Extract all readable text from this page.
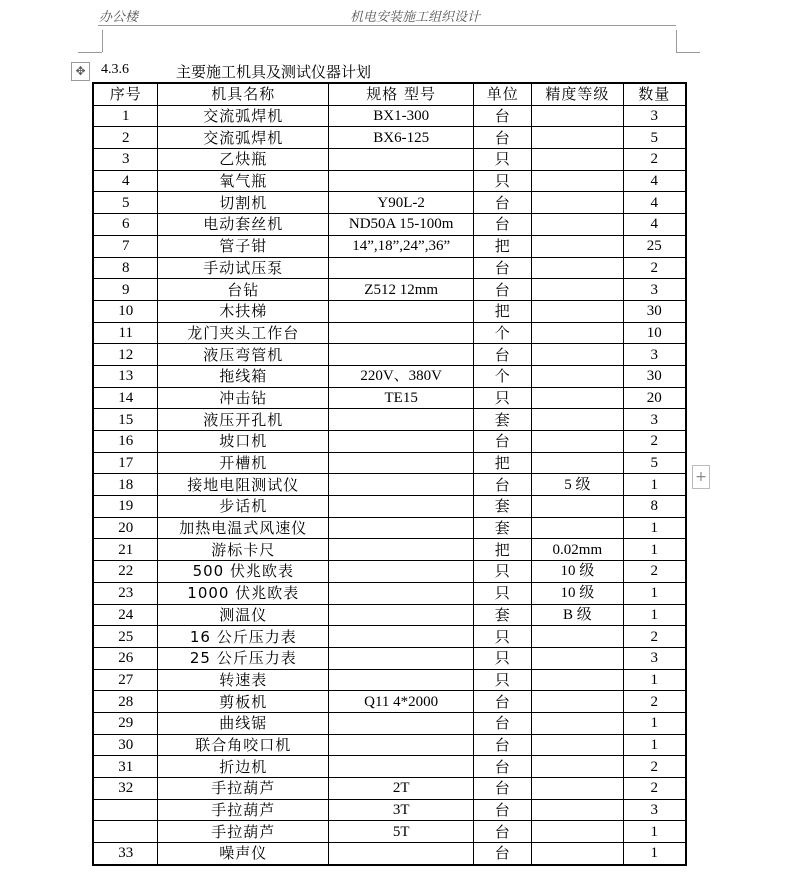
办公楼	机电安装施工组织设计
✥	4.3.6	主要施工机具及测试仪器计划
序号	机具名称	规格 型号	单位	精度等级	数量
1	交流弧焊机	BX1-300	台		3
2	交流弧焊机	BX6-125	台		5
3	乙炔瓶		只		2
4	氧气瓶		只		4
5	切割机	Y90L-2	台		4
6	电动套丝机	ND50A 15-100m	台		4
7	管子钳	14”,18”,24”,36”	把		25
8	手动试压泵		台		2
9	台钻	Z512 12mm	台		3
10	木扶梯		把		30
11	龙门夹头工作台		个		10
12	液压弯管机		台		3
13	拖线箱	220V、380V	个		30
14	冲击钻	TE15	只		20
15	液压开孔机		套		3
16	坡口机		台		2
17	开槽机		把		5
18	接地电阻测试仪		台	5 级	1
19	步话机		套		8
20	加热电温式风速仪		套		1
21	游标卡尺		把	0.02mm	1
22	500 伏兆欧表		只	10 级	2
23	1000 伏兆欧表		只	10 级	1
24	测温仪		套	B 级	1
25	16 公斤压力表		只		2
26	25 公斤压力表		只		3
27	转速表		只		1
28	剪板机	Q11 4*2000	台		2
29	曲线锯		台		1
30	联合角咬口机		台		1
31	折边机		台		2
32	手拉葫芦	2T	台		2
	手拉葫芦	3T	台		3
	手拉葫芦	5T	台		1
33	噪声仪		台		1
+
